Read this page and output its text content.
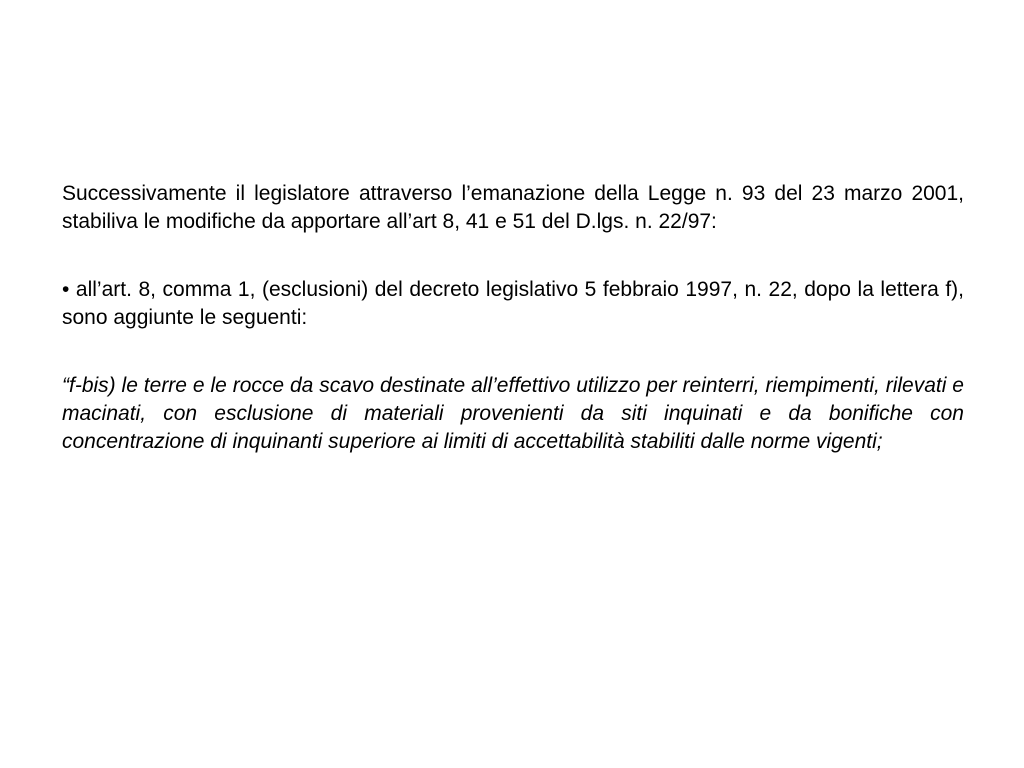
Successivamente il legislatore attraverso l’emanazione della Legge n. 93 del 23 marzo 2001, stabiliva le modifiche da apportare all’art 8, 41 e 51 del D.lgs. n. 22/97:

• all’art. 8, comma 1, (esclusioni) del decreto legislativo 5 febbraio 1997, n. 22, dopo la lettera f), sono aggiunte le seguenti:

“f-bis) le terre e le rocce da scavo destinate all’effettivo utilizzo per reinterri, riempimenti, rilevati e macinati, con esclusione di materiali provenienti da siti inquinati e da bonifiche con concentrazione di inquinanti superiore ai limiti di accettabilità stabiliti dalle norme vigenti;
